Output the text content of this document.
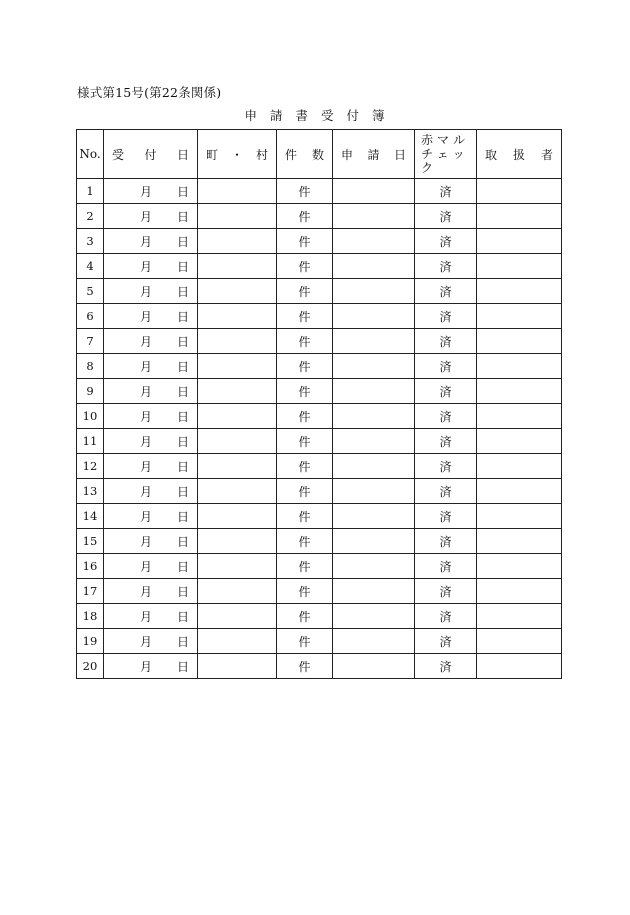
様式第15号(第22条関係)
申請書受付簿
No.	受 付 日	町 ・ 村	件 数	申 請 日	赤マルチェック	取 扱 者

1	月 日		件		済	
2	月 日		件		済	
3	月 日		件		済	
4	月 日		件		済	
5	月 日		件		済	
6	月 日		件		済	
7	月 日		件		済	
8	月 日		件		済	
9	月 日		件		済	
10	月 日		件		済	
11	月 日		件		済	
12	月 日		件		済	
13	月 日		件		済	
14	月 日		件		済	
15	月 日		件		済	
16	月 日		件		済	
17	月 日		件		済	
18	月 日		件		済	
19	月 日		件		済	
20	月 日		件		済	
